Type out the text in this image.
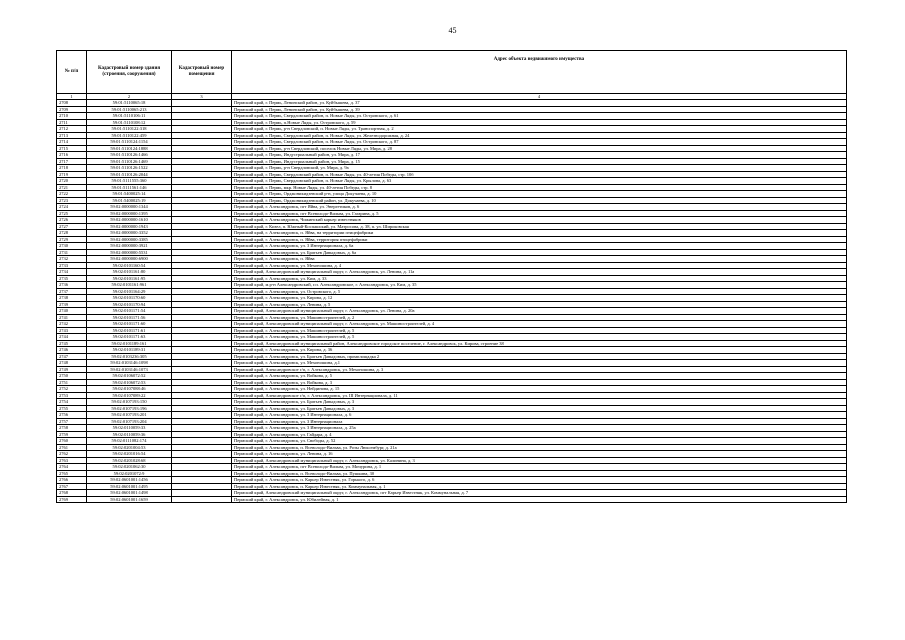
45
№ п/п	Кадастровый номер здания (строения, сооружения)	Кадастровый номер помещения	Адрес объекта недвижимого имущества
1	2	3	4
2708	59:01:5110065:18		Пермский край, г. Пермь, Ленинский район, ул. Куйбышева, д. 37
2709	59:01:5110065:213		Пермский край, г. Пермь, Ленинский район, ул. Куйбышева, д. 39
2710	59:01:5110106:11		Пермский край, г. Пермь, Свердловский район, п. Новые Ляды, ул. Островского, д. 61
2711	59:01:5110108:12		Пермский край, г. Пермь, п.Новые Ляды, ул. Островского, д. 59
2712	59:01:5110122:318		Пермский край, г. Пермь, р-н Свердловский, п. Новые Ляды, ул. Транспортная, д. 2
2713	59:01:5110122:459		Пермский край, г. Пермь, Свердловский район, п. Новые Ляды, ул. Железнодорожная, д. 24
2714	59:01:5110124:1154		Пермский край, г. Пермь, Свердловский район, п. Новые Ляды, ул. Островского, д. 87
2715	59:01:5110124:1888		Пермский край, г. Пермь, р-н Свердловский, поселок Новые Ляды, ул. Мира, д. 28
2716	59:01:5110126:1466		Пермский край, г. Пермь, Индустриальный район, ул. Мира, д. 17
2717	59:01:5110126:1469		Пермский край, г. Пермь, Индустриальный район, ул. Мира, д. 15
2718	59:01:5110126:1522		Пермский край, г. Пермь, р-н Свердловский, ул. Мира, д. 9а
2719	59:01:5110126:2044		Пермский край, г. Пермь, Свердловский район, п. Новые Ляды, ул. 40-летия Победы, стр. 10б
2720	59:01:5111555:360		Пермский край, г. Пермь, Свердловский район, п. Новые Ляды, ул. Крылова, д. 63
2721	59:01:5111561:146		Пермский край, г. Пермь, мкр. Новые Ляды, ул. 40-летия Победы, стр. 8
2722	59:01:5400025:14		Пермский край, г. Пермь, Орджоникидзевский р-н, улица Докучаева, д. 10
2723	59:01:5400025:19		Пермский край, г. Пермь, Орджоникидзевский район, ул. Докучаева, д. 10
2724	59:02:0000000:1344		Пермский край, г. Александровск, пгт Яйва, ул. Энергетиков, д. 6
2725	59:02:0000000:1395		Пермский край, г. Александровск, пгт Всеволодо-Вильва, ул. Гагарина, д. 5
2726	59:02:0000000:1610		Пермский край, г. Александровск, Чижинский карьер известняков
2727	59:02:0000000:1943		Пермский край, г. Кизел, п. Южный-Коспашский, ул. Матросова, д. 38, п. ул. Широковская
2728	59:02:0000000:3352		Пермский край, г. Александровск, п. Яйва, на территории птицефабрики
2729	59:02:0000000:3385		Пермский край, г. Александровск, п. Яйва, территория птицефабрики
2730	59:02:0000000:3921		Пермский край, г. Александровск, ул. 3 Интернационала, д. 6а
2731	59:02:0000000:5531		Пермский край, г. Александровск, ул. Братьев Давыдовых, д. 6а
2732	59:02:0000000:6900		Пермский край, г. Александровск, п. Яйва
2733	59:02:0101160:54		Пермский край, г. Александровск, ул. Мехоношина, д. 4
2734	59:02:0101161:80		Пермский край, Александровский муниципальный округ, г. Александровск, ул. Ленина, д. 11а
2735	59:02:0101161:95		Пермский край, г. Александровск, ул. Ким, д. 33
2736	59:02:0101161:961		Пермский край, м.р-н Александровский, г.п. Александровское, г. Александровск, ул. Ким, д. 35
2737	59:02:0101164:29		Пермский край, г. Александровск, ул. Островского, д. 5
2738	59:02:0101170:60		Пермский край, г. Александровск, ул. Кирова, д. 12
2739	59:02:0101170:94		Пермский край, г. Александровск, ул. Ленина, д. 5
2740	59:02:0101171:54		Пермский край, Александровский муниципальный округ, г. Александровск, ул. Ленина, д. 20а
2741	59:02:0101171:56		Пермский край, г. Александровск, ул. Машиностроителей, д. 2
2742	59:02:0101171:60		Пермский край, Александровский муниципальный округ, г. Александровск, ул. Машиностроителей, д. 4
2743	59:02:0101171:61		Пермский край, г. Александровск, ул. Машиностроителей, д. 5
2744	59:02:0101171:63		Пермский край, г. Александровск, ул. Машиностроителей, д. 5
2745	59:02:0101189:161		Пермский край, Александровский муниципальный район, Александровское городское поселение, г. Александровск, ул. Кирова, строение 38
2746	59:02:0101189:31		Пермский край, г. Александровск, ул. Кирова, д. 36
2747	59:02:0103236:305		Пермский край, г. Александровск, ул. Братьев Давыдовых, промплощадка 2
2748	59:02:0103146:1098		Пермский край, г. Александровск, ул. Мехоношина, д.1
2749	59:02:0103146:1073		Пермский край, Александровское г/п, г. Александровск, ул. Мехоношина, д. 3
2750	59:02:0106072:52		Пермский край, г. Александровск, ул. Войкова, д. 5
2751	59:02:0106072:53		Пермский край, г. Александровск, ул. Войкова, д. 3
2752	59:02:0107088:46		Пермский край, г. Александровск, ул. Нейдинова, д. 15
2753	59:02:0107089:22		Пермский край, Александровское г/п, г. Александровск, ул. III Интернационала, д. 11
2754	59:02:0107193:150		Пермский край, г. Александровск, ул. Братьев Давыдовых, д. 3
2755	59:02:0107193:196		Пермский край, г. Александровск, ул. Братьев Давыдовых, д. 3
2756	59:02:0107193:201		Пермский край, г. Александровск, ул. 3 Интернационала, д. 6
2757	59:02:0107193:204		Пермский край, г. Александровск, ул. 3 Интернационала
2758	59:02:0110059:33		Пермский край, г. Александровск, ул. 3 Интернационала, д. 25а
2759	59:02:0110059:36		Пермский край, г. Александровск, ул. Гайдара, д. 4
2760	59:02:0111082:174		Пермский край, г. Александровск, ул. Свободы, д. 52
2761	59:02:0201004:53		Пермский край, г. Александровск, п. Всеволодо-Вильва, ул. Розы Люксембург, д. 21а
2762	59:02:0201016:54		Пермский край, г. Александровск, ул. Ленина, д. 16
2763	59:02:0201028:68		Пермский край, Александровский муниципальный округ, г. Александровск, ул. Калинина, д. 3
2764	59:02:0201062:30		Пермский край, г. Александровск, пгт Всеволодо-Вильва, ул. Мичурина, д. 1
2765	59:02:0201072:9		Пермский край, г. Александровск, п. Всеволодо-Вильва, ул. Пушкина, 30
2766	59:02:0601001:1456		Пермский край, г. Александровск, п. Карьер Известняк, ул. Горького, д. 6
2767	59:02:0601001:1495		Пермский край, г. Александровск, п. Карьер Известняк, ул. Коммунальная, д. 1
2768	59:02:0601001:1498		Пермский край, Александровский муниципальный округ, г. Александровск, пгт Карьер Известняк, ул. Коммунальная, д. 7
2769	59:02:0601001:1659		Пермский край, г. Александровск, ул. Юбилейная, д. 1
